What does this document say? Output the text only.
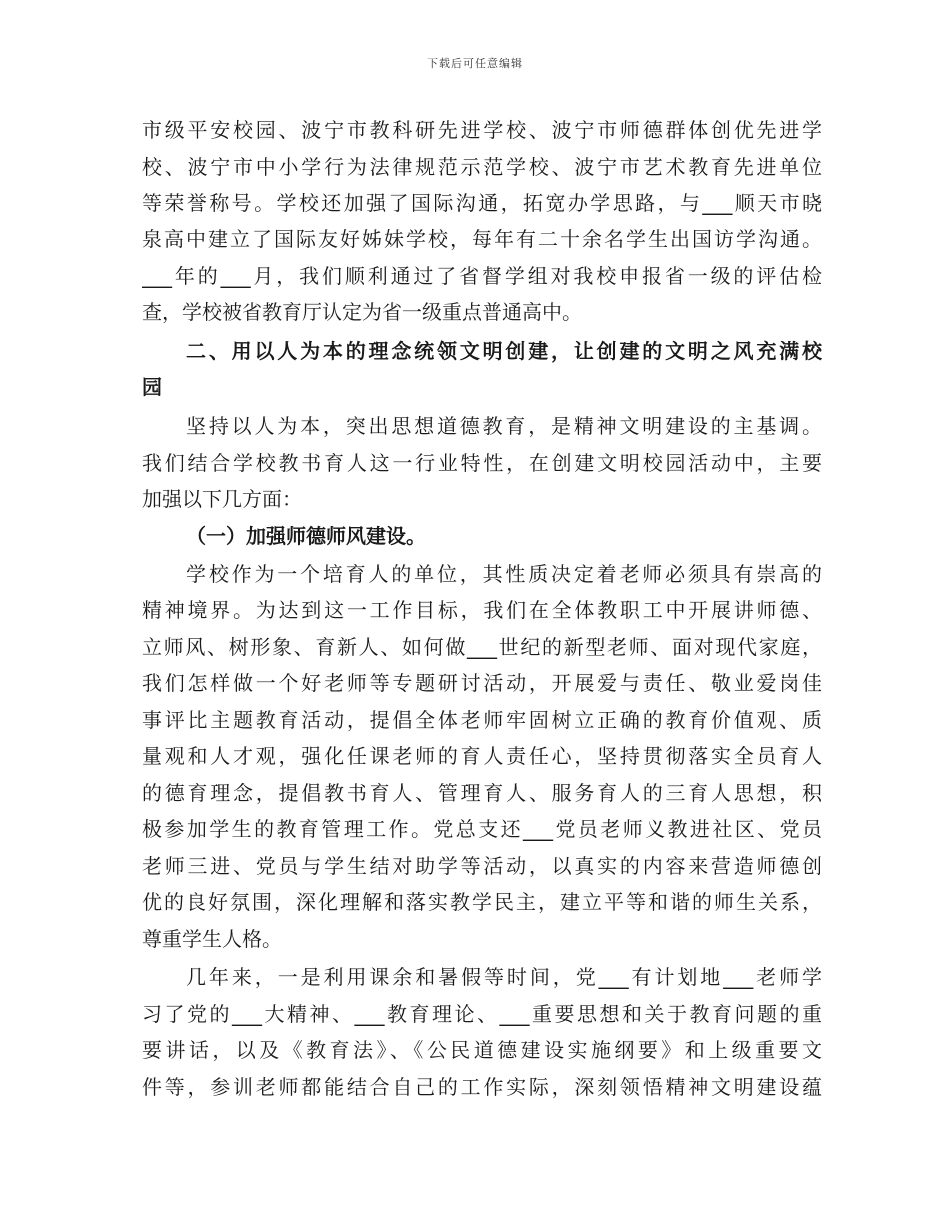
下载后可任意编辑
市级平安校园、波宁市教科研先进学校、波宁市师德群体创优先进学
校、波宁市中小学行为法律规范示范学校、波宁市艺术教育先进单位
等荣誉称号。学校还加强了国际沟通，拓宽办学思路，与___顺天市晓
泉高中建立了国际友好姊妹学校，每年有二十余名学生出国访学沟通。
___年的___月，我们顺利通过了省督学组对我校申报省一级的评估检
查，学校被省教育厅认定为省一级重点普通高中。
二、用以人为本的理念统领文明创建，让创建的文明之风充满校
园
坚持以人为本，突出思想道德教育，是精神文明建设的主基调。
我们结合学校教书育人这一行业特性，在创建文明校园活动中，主要
加强以下几方面：
（一）加强师德师风建设。
学校作为一个培育人的单位，其性质决定着老师必须具有崇高的
精神境界。为达到这一工作目标，我们在全体教职工中开展讲师德、
立师风、树形象、育新人、如何做___世纪的新型老师、面对现代家庭，
我们怎样做一个好老师等专题研讨活动，开展爱与责任、敬业爱岗佳
事评比主题教育活动，提倡全体老师牢固树立正确的教育价值观、质
量观和人才观，强化任课老师的育人责任心，坚持贯彻落实全员育人
的德育理念，提倡教书育人、管理育人、服务育人的三育人思想，积
极参加学生的教育管理工作。党总支还___党员老师义教进社区、党员
老师三进、党员与学生结对助学等活动，以真实的内容来营造师德创
优的良好氛围，深化理解和落实教学民主，建立平等和谐的师生关系，
尊重学生人格。
几年来，一是利用课余和暑假等时间，党___有计划地___老师学
习了党的___大精神、___教育理论、___重要思想和关于教育问题的重
要讲话，以及《教育法》、《公民道德建设实施纲要》和上级重要文
件等，参训老师都能结合自己的工作实际，深刻领悟精神文明建设蕴
